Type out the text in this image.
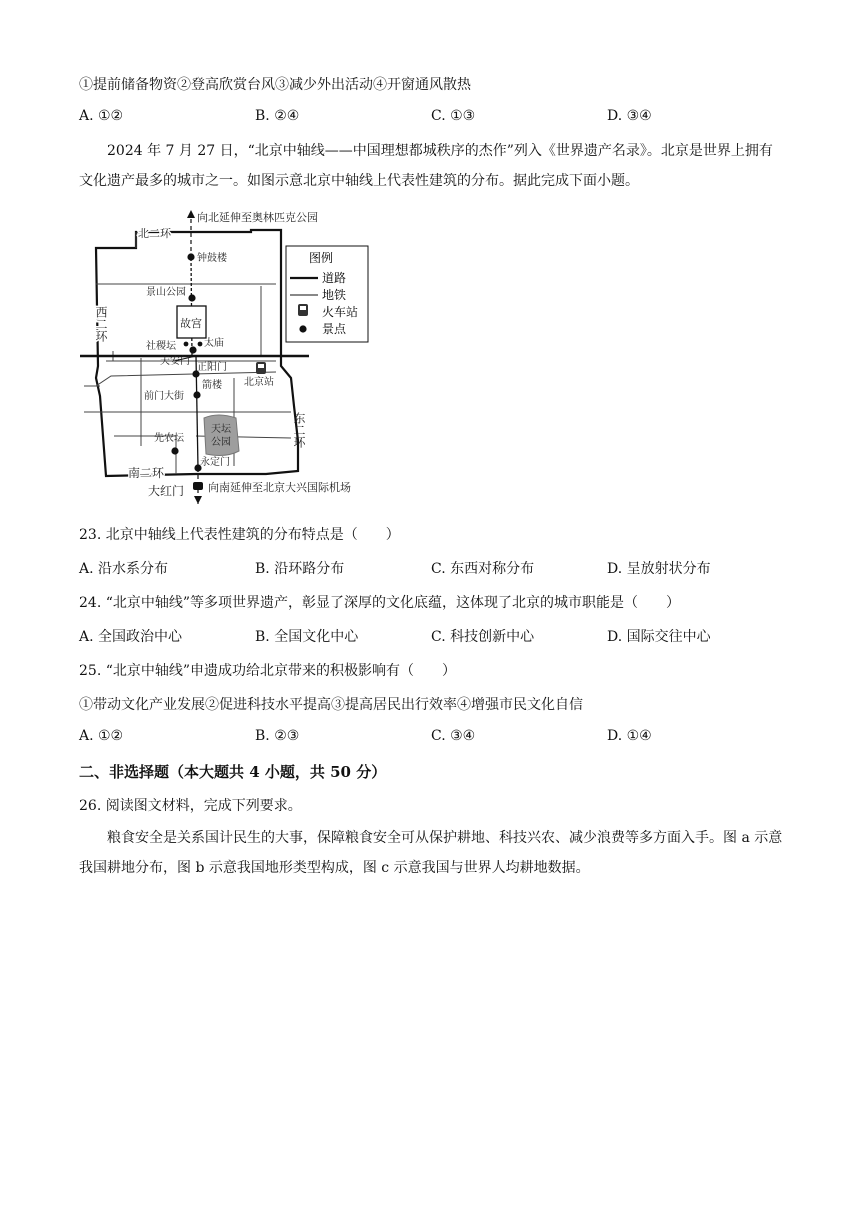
①提前储备物资②登高欣赏台风③减少外出活动④开窗通风散热
A. ①②	B. ②④	C. ①③	D. ③④
2024 年 7 月 27 日，“北京中轴线——中国理想都城秩序的杰作”列入《世界遗产名录》。北京是世界上拥有文化遗产最多的城市之一。如图示意北京中轴线上代表性建筑的分布。据此完成下面小题。
图例
道路
地铁
火车站
景点
向北延伸至奥林匹克公园
向南延伸至北京大兴国际机场
北二环
东二环
西二环
南二环
大红门
钟鼓楼
景山公园
故宫
社稷坛	太庙
天安门
正阳门
箭楼
前门大街
北京站
天坛
公园
先农坛
永定门
23. 北京中轴线上代表性建筑的分布特点是（　　）
A. 沿水系分布	B. 沿环路分布	C. 东西对称分布	D. 呈放射状分布
24. “北京中轴线”等多项世界遗产，彰显了深厚的文化底蕴，这体现了北京的城市职能是（　　）
A. 全国政治中心	B. 全国文化中心	C. 科技创新中心	D. 国际交往中心
25. “北京中轴线”申遗成功给北京带来的积极影响有（　　）
①带动文化产业发展②促进科技水平提高③提高居民出行效率④增强市民文化自信
A. ①②	B. ②③	C. ③④	D. ①④
二、非选择题（本大题共 4 小题，共 50 分）
26. 阅读图文材料，完成下列要求。
粮食安全是关系国计民生的大事，保障粮食安全可从保护耕地、科技兴农、减少浪费等多方面入手。图 a 示意我国耕地分布，图 b 示意我国地形类型构成，图 c 示意我国与世界人均耕地数据。
